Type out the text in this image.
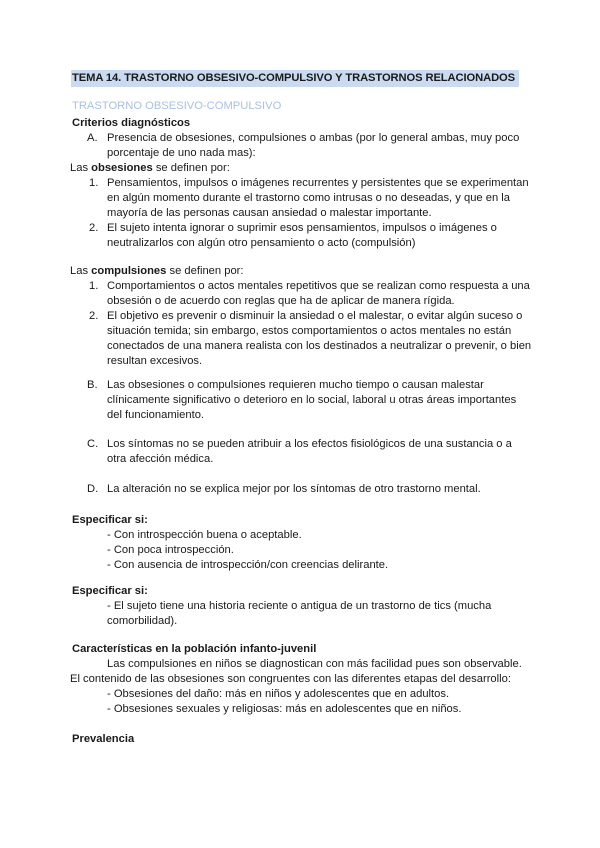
TEMA 14. TRASTORNO OBSESIVO-COMPULSIVO Y TRASTORNOS RELACIONADOS
TRASTORNO OBSESIVO-COMPULSIVO
Criterios diagnósticos
A. Presencia de obsesiones, compulsiones o ambas (por lo general ambas, muy poco porcentaje de uno nada mas):
Las obsesiones se definen por:
1. Pensamientos, impulsos o imágenes recurrentes y persistentes que se experimentan en algún momento durante el trastorno como intrusas o no deseadas, y que en la mayoría de las personas causan ansiedad o malestar importante.
2. El sujeto intenta ignorar o suprimir esos pensamientos, impulsos o imágenes o neutralizarlos con algún otro pensamiento o acto (compulsión)
Las compulsiones se definen por:
1. Comportamientos o actos mentales repetitivos que se realizan como respuesta a una obsesión o de acuerdo con reglas que ha de aplicar de manera rígida.
2. El objetivo es prevenir o disminuir la ansiedad o el malestar, o evitar algún suceso o situación temida; sin embargo, estos comportamientos o actos mentales no están conectados de una manera realista con los destinados a neutralizar o prevenir, o bien resultan excesivos.
B. Las obsesiones o compulsiones requieren mucho tiempo o causan malestar clínicamente significativo o deterioro en lo social, laboral u otras áreas importantes del funcionamiento.
C. Los síntomas no se pueden atribuir a los efectos fisiológicos de una sustancia o a otra afección médica.
D. La alteración no se explica mejor por los síntomas de otro trastorno mental.
Especificar si:
- Con introspección buena o aceptable.
- Con poca introspección.
- Con ausencia de introspección/con creencias delirante.
Especificar si:
- El sujeto tiene una historia reciente o antigua de un trastorno de tics (mucha comorbilidad).
Características en la población infanto-juvenil
Las compulsiones en niños se diagnostican con más facilidad pues son observable.
El contenido de las obsesiones son congruentes con las diferentes etapas del desarrollo:
- Obsesiones del daño: más en niños y adolescentes que en adultos.
- Obsesiones sexuales y religiosas: más en adolescentes que en niños.
Prevalencia
